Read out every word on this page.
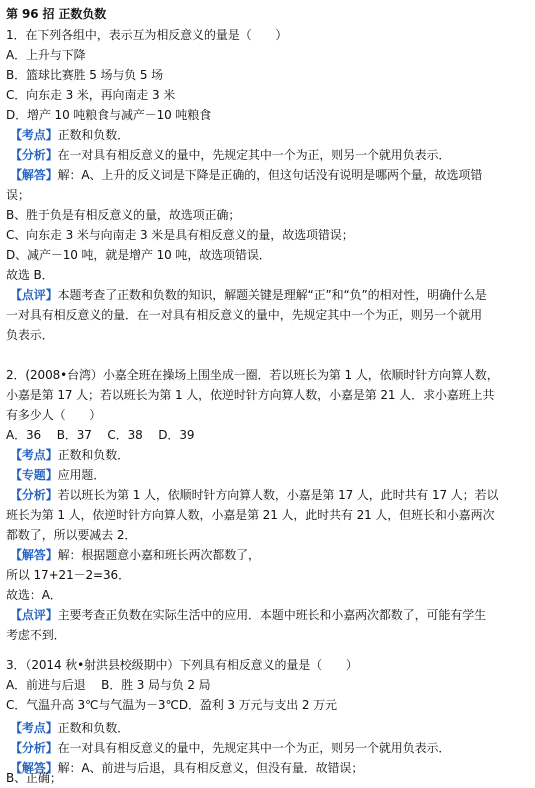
第 96 招 正数负数
1．在下列各组中，表示互为相反意义的量是（　　）
A．上升与下降
B．篮球比赛胜 5 场与负 5 场
C．向东走 3 米，再向南走 3 米
D．增产 10 吨粮食与减产－10 吨粮食
【考点】正数和负数．
【分析】在一对具有相反意义的量中，先规定其中一个为正，则另一个就用负表示．
【解答】解：A、上升的反义词是下降是正确的，但这句话没有说明是哪两个量，故选项错
误；
B、胜于负是有相反意义的量，故选项正确；
C、向东走 3 米与向南走 3 米是具有相反意义的量，故选项错误；
D、减产－10 吨，就是增产 10 吨，故选项错误．
故选 B．
【点评】本题考查了正数和负数的知识，解题关键是理解“正”和“负”的相对性，明确什么是
一对具有相反意义的量．在一对具有相反意义的量中，先规定其中一个为正，则另一个就用
负表示．
2．(2008•台湾）小嘉全班在操场上围坐成一圈．若以班长为第 1 人，依顺时针方向算人数，
小嘉是第 17 人；若以班长为第 1 人，依逆时针方向算人数，小嘉是第 21 人．求小嘉班上共
有多少人（　　）
A．36　 B．37　 C．38　 D．39
【考点】正数和负数．
【专题】应用题．
【分析】若以班长为第 1 人，依顺时针方向算人数，小嘉是第 17 人，此时共有 17 人；若以
班长为第 1 人，依逆时针方向算人数，小嘉是第 21 人，此时共有 21 人，但班长和小嘉两次
都数了，所以要减去 2．
【解答】解：根据题意小嘉和班长两次都数了，
所以 17+21－2=36．
故选：A．
【点评】主要考查正负数在实际生活中的应用．本题中班长和小嘉两次都数了，可能有学生
考虑不到．
3．（2014 秋•射洪县校级期中）下列具有相反意义的量是（　　）
A．前进与后退　 B．胜 3 局与负 2 局
C．气温升高 3℃与气温为－3℃D．盈利 3 万元与支出 2 万元
【考点】正数和负数．
【分析】在一对具有相反意义的量中，先规定其中一个为正，则另一个就用负表示．
【解答】解：A、前进与后退，具有相反意义，但没有量．故错误；
B、正确；
